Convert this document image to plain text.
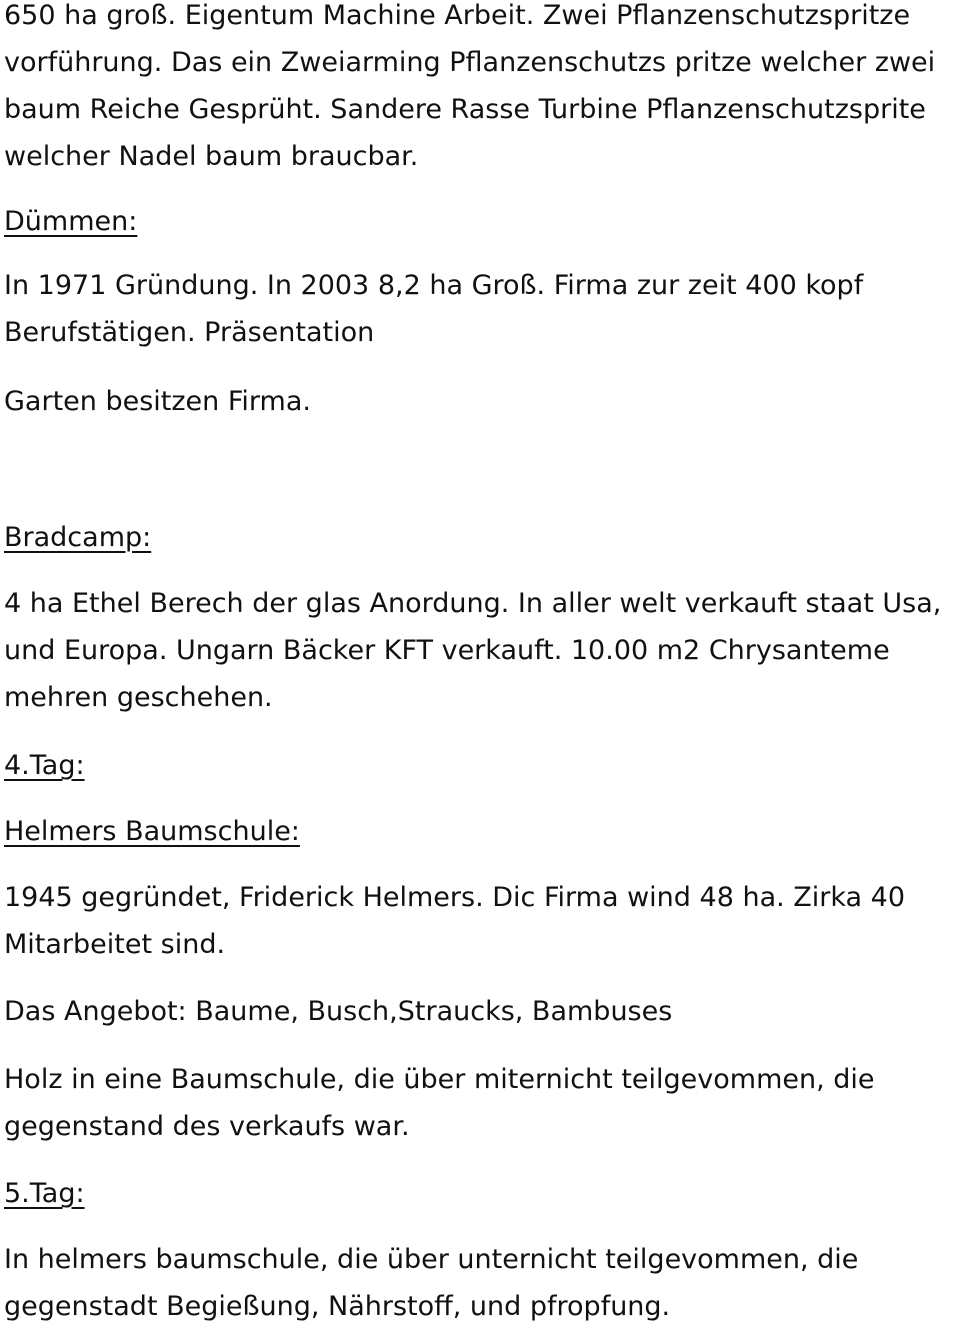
650 ha groß. Eigentum Machine Arbeit. Zwei Pflanzenschutzspritze
vorführung. Das ein Zweiarming Pflanzenschutzs pritze welcher zwei
baum Reiche Gesprüht. Sandere Rasse Turbine Pflanzenschutzsprite
welcher Nadel baum braucbar.
Dümmen:
In 1971 Gründung. In 2003 8,2 ha Groß. Firma zur zeit 400 kopf
Berufstätigen. Präsentation
Garten besitzen Firma.
Bradcamp:
4 ha Ethel Berech der glas Anordung. In aller welt verkauft staat Usa,
und Europa. Ungarn Bäcker KFT verkauft. 10.00 m2 Chrysanteme
mehren geschehen.
4.Tag:
Helmers Baumschule:
1945 gegründet, Friderick Helmers. Dic Firma wind 48 ha. Zirka 40
Mitarbeitet sind.
Das Angebot: Baume, Busch,Straucks, Bambuses
Holz in eine Baumschule, die über miternicht teilgevommen, die
gegenstand des verkaufs war.
5.Tag:
In helmers baumschule, die über unternicht teilgevommen, die
gegenstadt Begießung, Nährstoff, und pfropfung.
